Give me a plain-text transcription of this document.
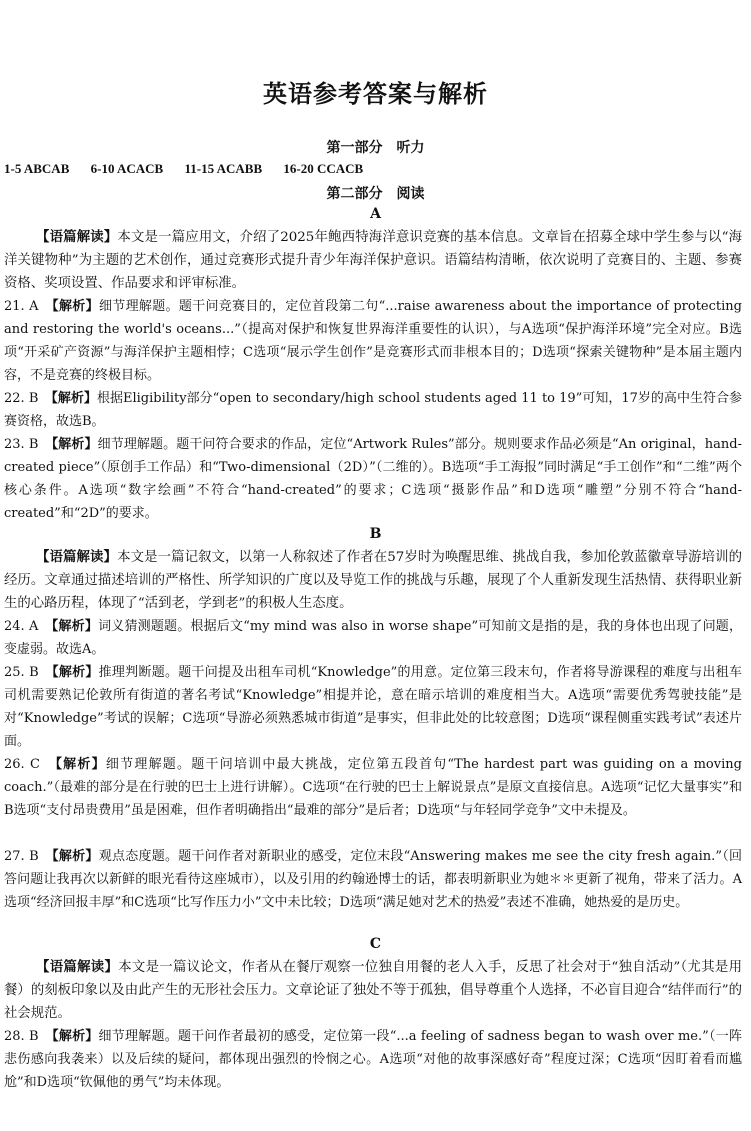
英语参考答案与解析
第一部分　听力
1-5 ABCAB 6-10 ACACB 11-15 ACABB 16-20 CCACB
第二部分　阅读
A
【语篇解读】本文是一篇应用文，介绍了2025年鲍西特海洋意识竞赛的基本信息。文章旨在招募全球中学生参与以“海洋关键物种”为主题的艺术创作，通过竞赛形式提升青少年海洋保护意识。语篇结构清晰，依次说明了竞赛目的、主题、参赛资格、奖项设置、作品要求和评审标准。
21. A　 【解析】细节理解题。题干问竞赛目的，定位首段第二句“...raise awareness about the importance of protecting and restoring the world's oceans...”（提高对保护和恢复世界海洋重要性的认识），与A选项“保护海洋环境”完全对应。B选项“开采矿产资源”与海洋保护主题相悖；C选项“展示学生创作”是竞赛形式而非根本目的；D选项“探索关键物种”是本届主题内容，不是竞赛的终极目标。
22. B　 【解析】根据Eligibility部分“open to secondary/high school students aged 11 to 19”可知，17岁的高中生符合参赛资格，故选B。
23. B　 【解析】细节理解题。题干问符合要求的作品，定位“Artwork Rules”部分。规则要求作品必须是“An original，hand-created piece”（原创手工作品）和“Two-dimensional（2D）”（二维的）。B选项“手工海报”同时满足“手工创作”和“二维”两个核心条件。A选项“数字绘画”不符合“hand-created”的要求；C选项“摄影作品”和D选项“雕塑”分别不符合“hand-created”和“2D”的要求。
B
【语篇解读】本文是一篇记叙文，以第一人称叙述了作者在57岁时为唤醒思维、挑战自我，参加伦敦蓝徽章导游培训的经历。文章通过描述培训的严格性、所学知识的广度以及导览工作的挑战与乐趣，展现了个人重新发现生活热情、获得职业新生的心路历程，体现了“活到老，学到老”的积极人生态度。
24. A　 【解析】词义猜测题题。根据后文“my mind was also in worse shape”可知前文是指的是，我的身体也出现了问题，变虚弱。故选A。
25. B　 【解析】推理判断题。题干问提及出租车司机“Knowledge”的用意。定位第三段末句，作者将导游课程的难度与出租车司机需要熟记伦敦所有街道的著名考试“Knowledge”相提并论，意在暗示培训的难度相当大。A选项“需要优秀驾驶技能”是对“Knowledge”考试的误解；C选项“导游必须熟悉城市街道”是事实，但非此处的比较意图；D选项“课程侧重实践考试”表述片面。
26. C　 【解析】细节理解题。题干问培训中最大挑战，定位第五段首句“The hardest part was guiding on a moving coach.”（最难的部分是在行驶的巴士上进行讲解）。C选项“在行驶的巴士上解说景点”是原文直接信息。A选项“记忆大量事实”和B选项“支付昂贵费用”虽是困难，但作者明确指出“最难的部分”是后者；D选项“与年轻同学竞争”文中未提及。
27. B　 【解析】观点态度题。题干问作者对新职业的感受，定位末段“Answering makes me see the city fresh again.”（回答问题让我再次以新鲜的眼光看待这座城市），以及引用的约翰逊博士的话，都表明新职业为她＊＊更新了视角，带来了活力。A选项“经济回报丰厚”和C选项“比写作压力小”文中未比较；D选项“满足她对艺术的热爱”表述不准确，她热爱的是历史。
C
【语篇解读】本文是一篇议论文，作者从在餐厅观察一位独自用餐的老人入手，反思了社会对于“独自活动”（尤其是用餐）的刻板印象以及由此产生的无形社会压力。文章论证了独处不等于孤独，倡导尊重个人选择，不必盲目迎合“结伴而行”的社会规范。
28. B　 【解析】细节理解题。题干问作者最初的感受，定位第一段“...a feeling of sadness began to wash over me.”（一阵悲伤感向我袭来）以及后续的疑问，都体现出强烈的怜悯之心。A选项“对他的故事深感好奇”程度过深；C选项“因盯着看而尴尬”和D选项“钦佩他的勇气”均未体现。
